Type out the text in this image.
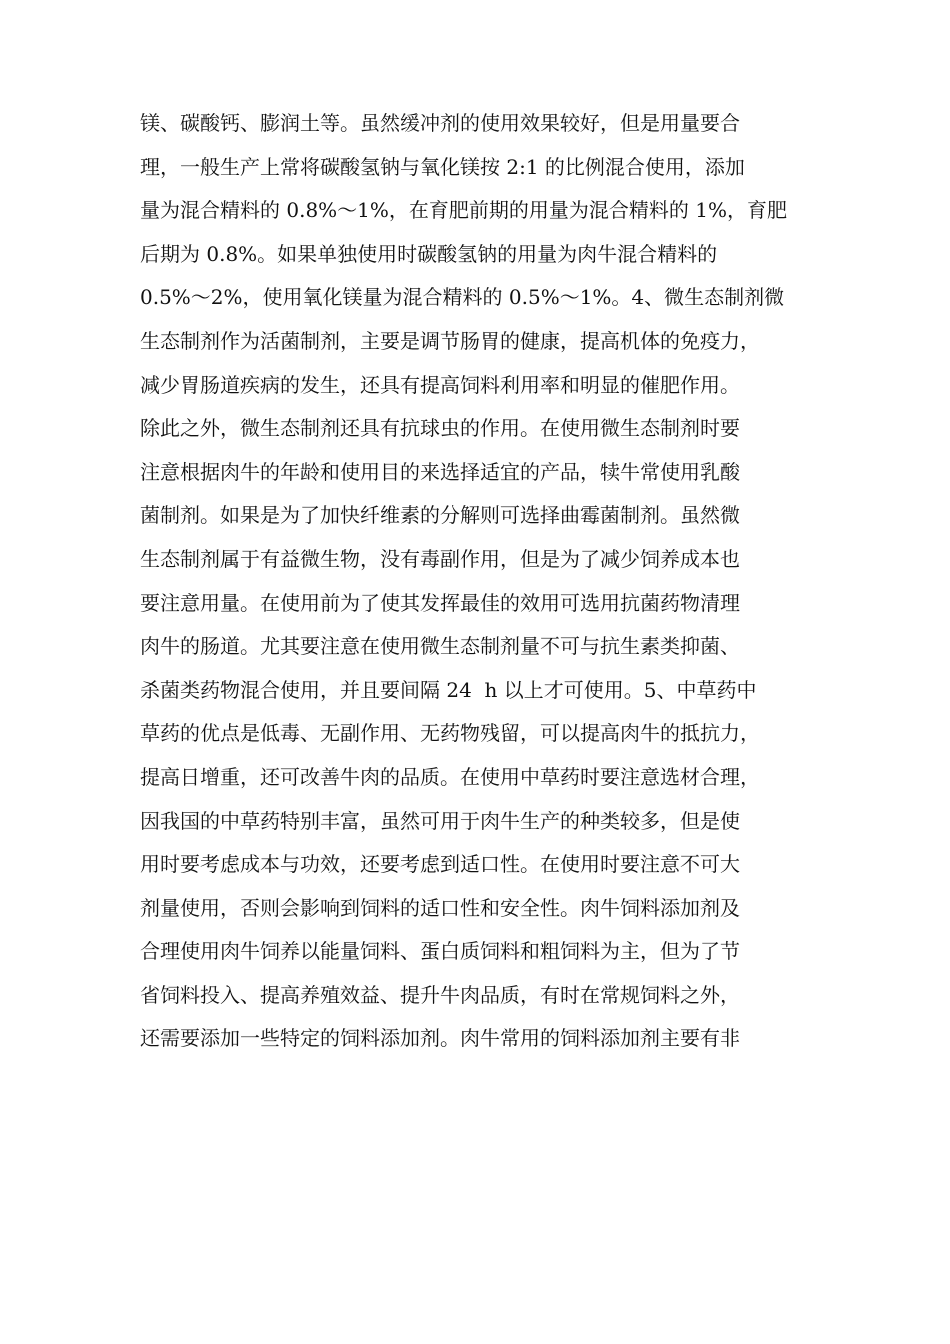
镁、碳酸钙、膨润土等。虽然缓冲剂的使用效果较好，但是用量要合
理，一般生产上常将碳酸氢钠与氧化镁按 2:1 的比例混合使用，添加
量为混合精料的 0.8%～1%，在育肥前期的用量为混合精料的 1%，育肥
后期为 0.8%。如果单独使用时碳酸氢钠的用量为肉牛混合精料的
0.5%～2%，使用氧化镁量为混合精料的 0.5%～1%。4、微生态制剂微
生态制剂作为活菌制剂，主要是调节肠胃的健康，提高机体的免疫力，
减少胃肠道疾病的发生，还具有提高饲料利用率和明显的催肥作用。
除此之外，微生态制剂还具有抗球虫的作用。在使用微生态制剂时要
注意根据肉牛的年龄和使用目的来选择适宜的产品，犊牛常使用乳酸
菌制剂。如果是为了加快纤维素的分解则可选择曲霉菌制剂。虽然微
生态制剂属于有益微生物，没有毒副作用，但是为了减少饲养成本也
要注意用量。在使用前为了使其发挥最佳的效用可选用抗菌药物清理
肉牛的肠道。尤其要注意在使用微生态制剂量不可与抗生素类抑菌、
杀菌类药物混合使用，并且要间隔 24  h 以上才可使用。5、中草药中
草药的优点是低毒、无副作用、无药物残留，可以提高肉牛的抵抗力，
提高日增重，还可改善牛肉的品质。在使用中草药时要注意选材合理，
因我国的中草药特别丰富，虽然可用于肉牛生产的种类较多，但是使
用时要考虑成本与功效，还要考虑到适口性。在使用时要注意不可大
剂量使用，否则会影响到饲料的适口性和安全性。肉牛饲料添加剂及
合理使用肉牛饲养以能量饲料、蛋白质饲料和粗饲料为主，但为了节
省饲料投入、提高养殖效益、提升牛肉品质，有时在常规饲料之外，
还需要添加一些特定的饲料添加剂。肉牛常用的饲料添加剂主要有非
